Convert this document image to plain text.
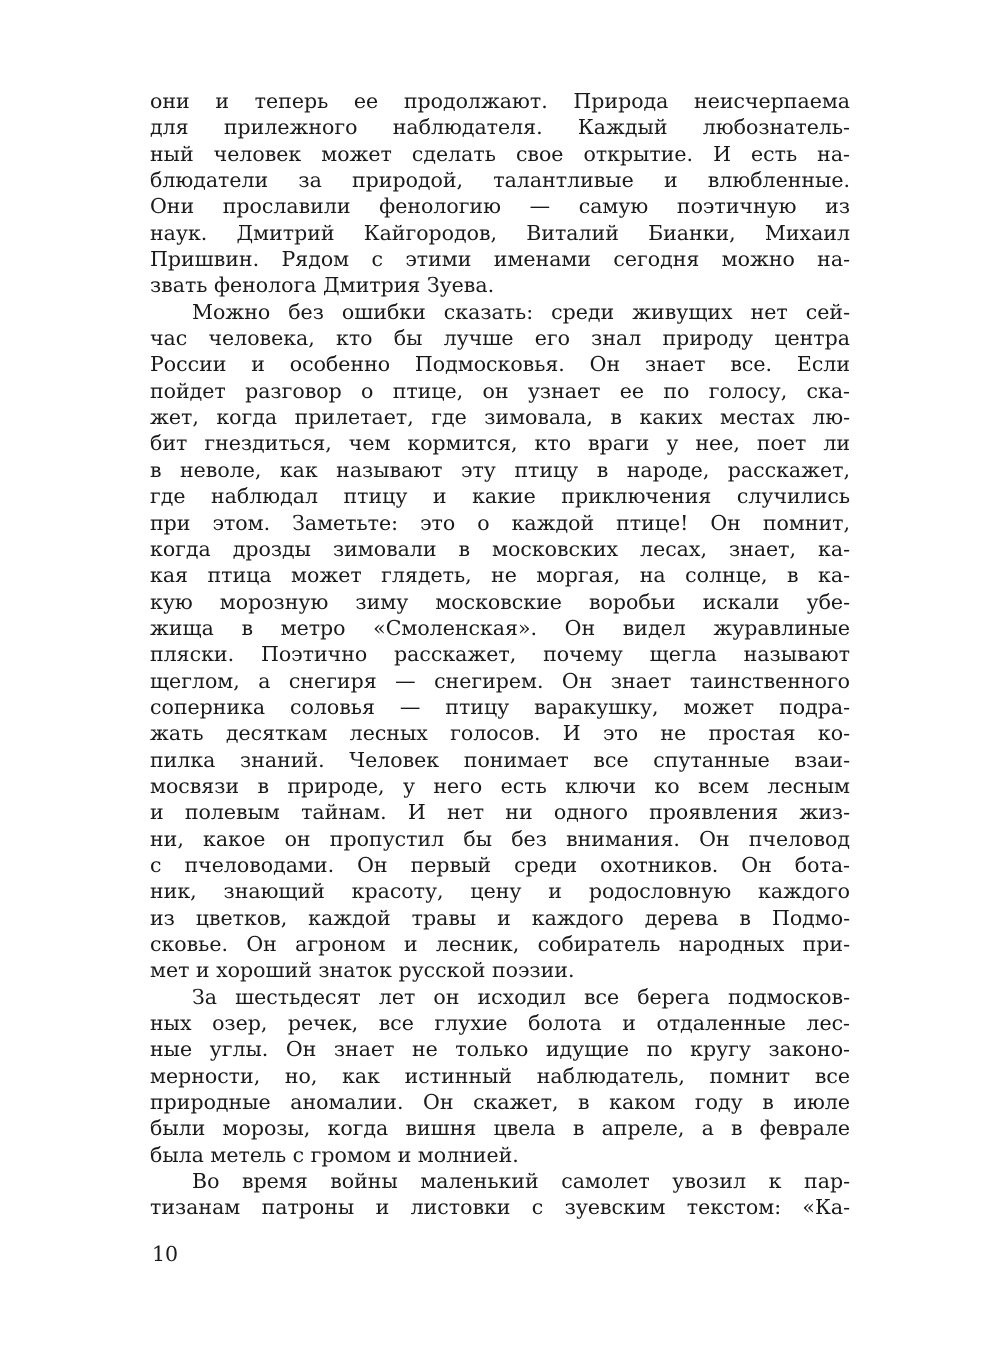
они и теперь ее продолжают. Природа неисчерпаема
для прилежного наблюдателя. Каждый любознатель-
ный человек может сделать свое открытие. И есть на-
блюдатели за природой, талантливые и влюбленные.
Они прославили фенологию — самую поэтичную из
наук. Дмитрий Кайгородов, Виталий Бианки, Михаил
Пришвин. Рядом с этими именами сегодня можно на-
звать фенолога Дмитрия Зуева.
Можно без ошибки сказать: среди живущих нет сей-
час человека, кто бы лучше его знал природу центра
России и особенно Подмосковья. Он знает все. Если
пойдет разговор о птице, он узнает ее по голосу, ска-
жет, когда прилетает, где зимовала, в каких местах лю-
бит гнездиться, чем кормится, кто враги у нее, поет ли
в неволе, как называют эту птицу в народе, расскажет,
где наблюдал птицу и какие приключения случились
при этом. Заметьте: это о каждой птице! Он помнит,
когда дрозды зимовали в московских лесах, знает, ка-
кая птица может глядеть, не моргая, на солнце, в ка-
кую морозную зиму московские воробьи искали убе-
жища в метро «Смоленская». Он видел журавлиные
пляски. Поэтично расскажет, почему щегла называют
щеглом, а снегиря — снегирем. Он знает таинственного
соперника соловья — птицу варакушку, может подра-
жать десяткам лесных голосов. И это не простая ко-
пилка знаний. Человек понимает все спутанные взаи-
мосвязи в природе, у него есть ключи ко всем лесным
и полевым тайнам. И нет ни одного проявления жиз-
ни, какое он пропустил бы без внимания. Он пчеловод
с пчеловодами. Он первый среди охотников. Он бота-
ник, знающий красоту, цену и родословную каждого
из цветков, каждой травы и каждого дерева в Подмо-
сковье. Он агроном и лесник, собиратель народных при-
мет и хороший знаток русской поэзии.
За шестьдесят лет он исходил все берега подмосков-
ных озер, речек, все глухие болота и отдаленные лес-
ные углы. Он знает не только идущие по кругу законо-
мерности, но, как истинный наблюдатель, помнит все
природные аномалии. Он скажет, в каком году в июле
были морозы, когда вишня цвела в апреле, а в феврале
была метель с громом и молнией.
Во время войны маленький самолет увозил к пар-
тизанам патроны и листовки с зуевским текстом: «Ка-
10
